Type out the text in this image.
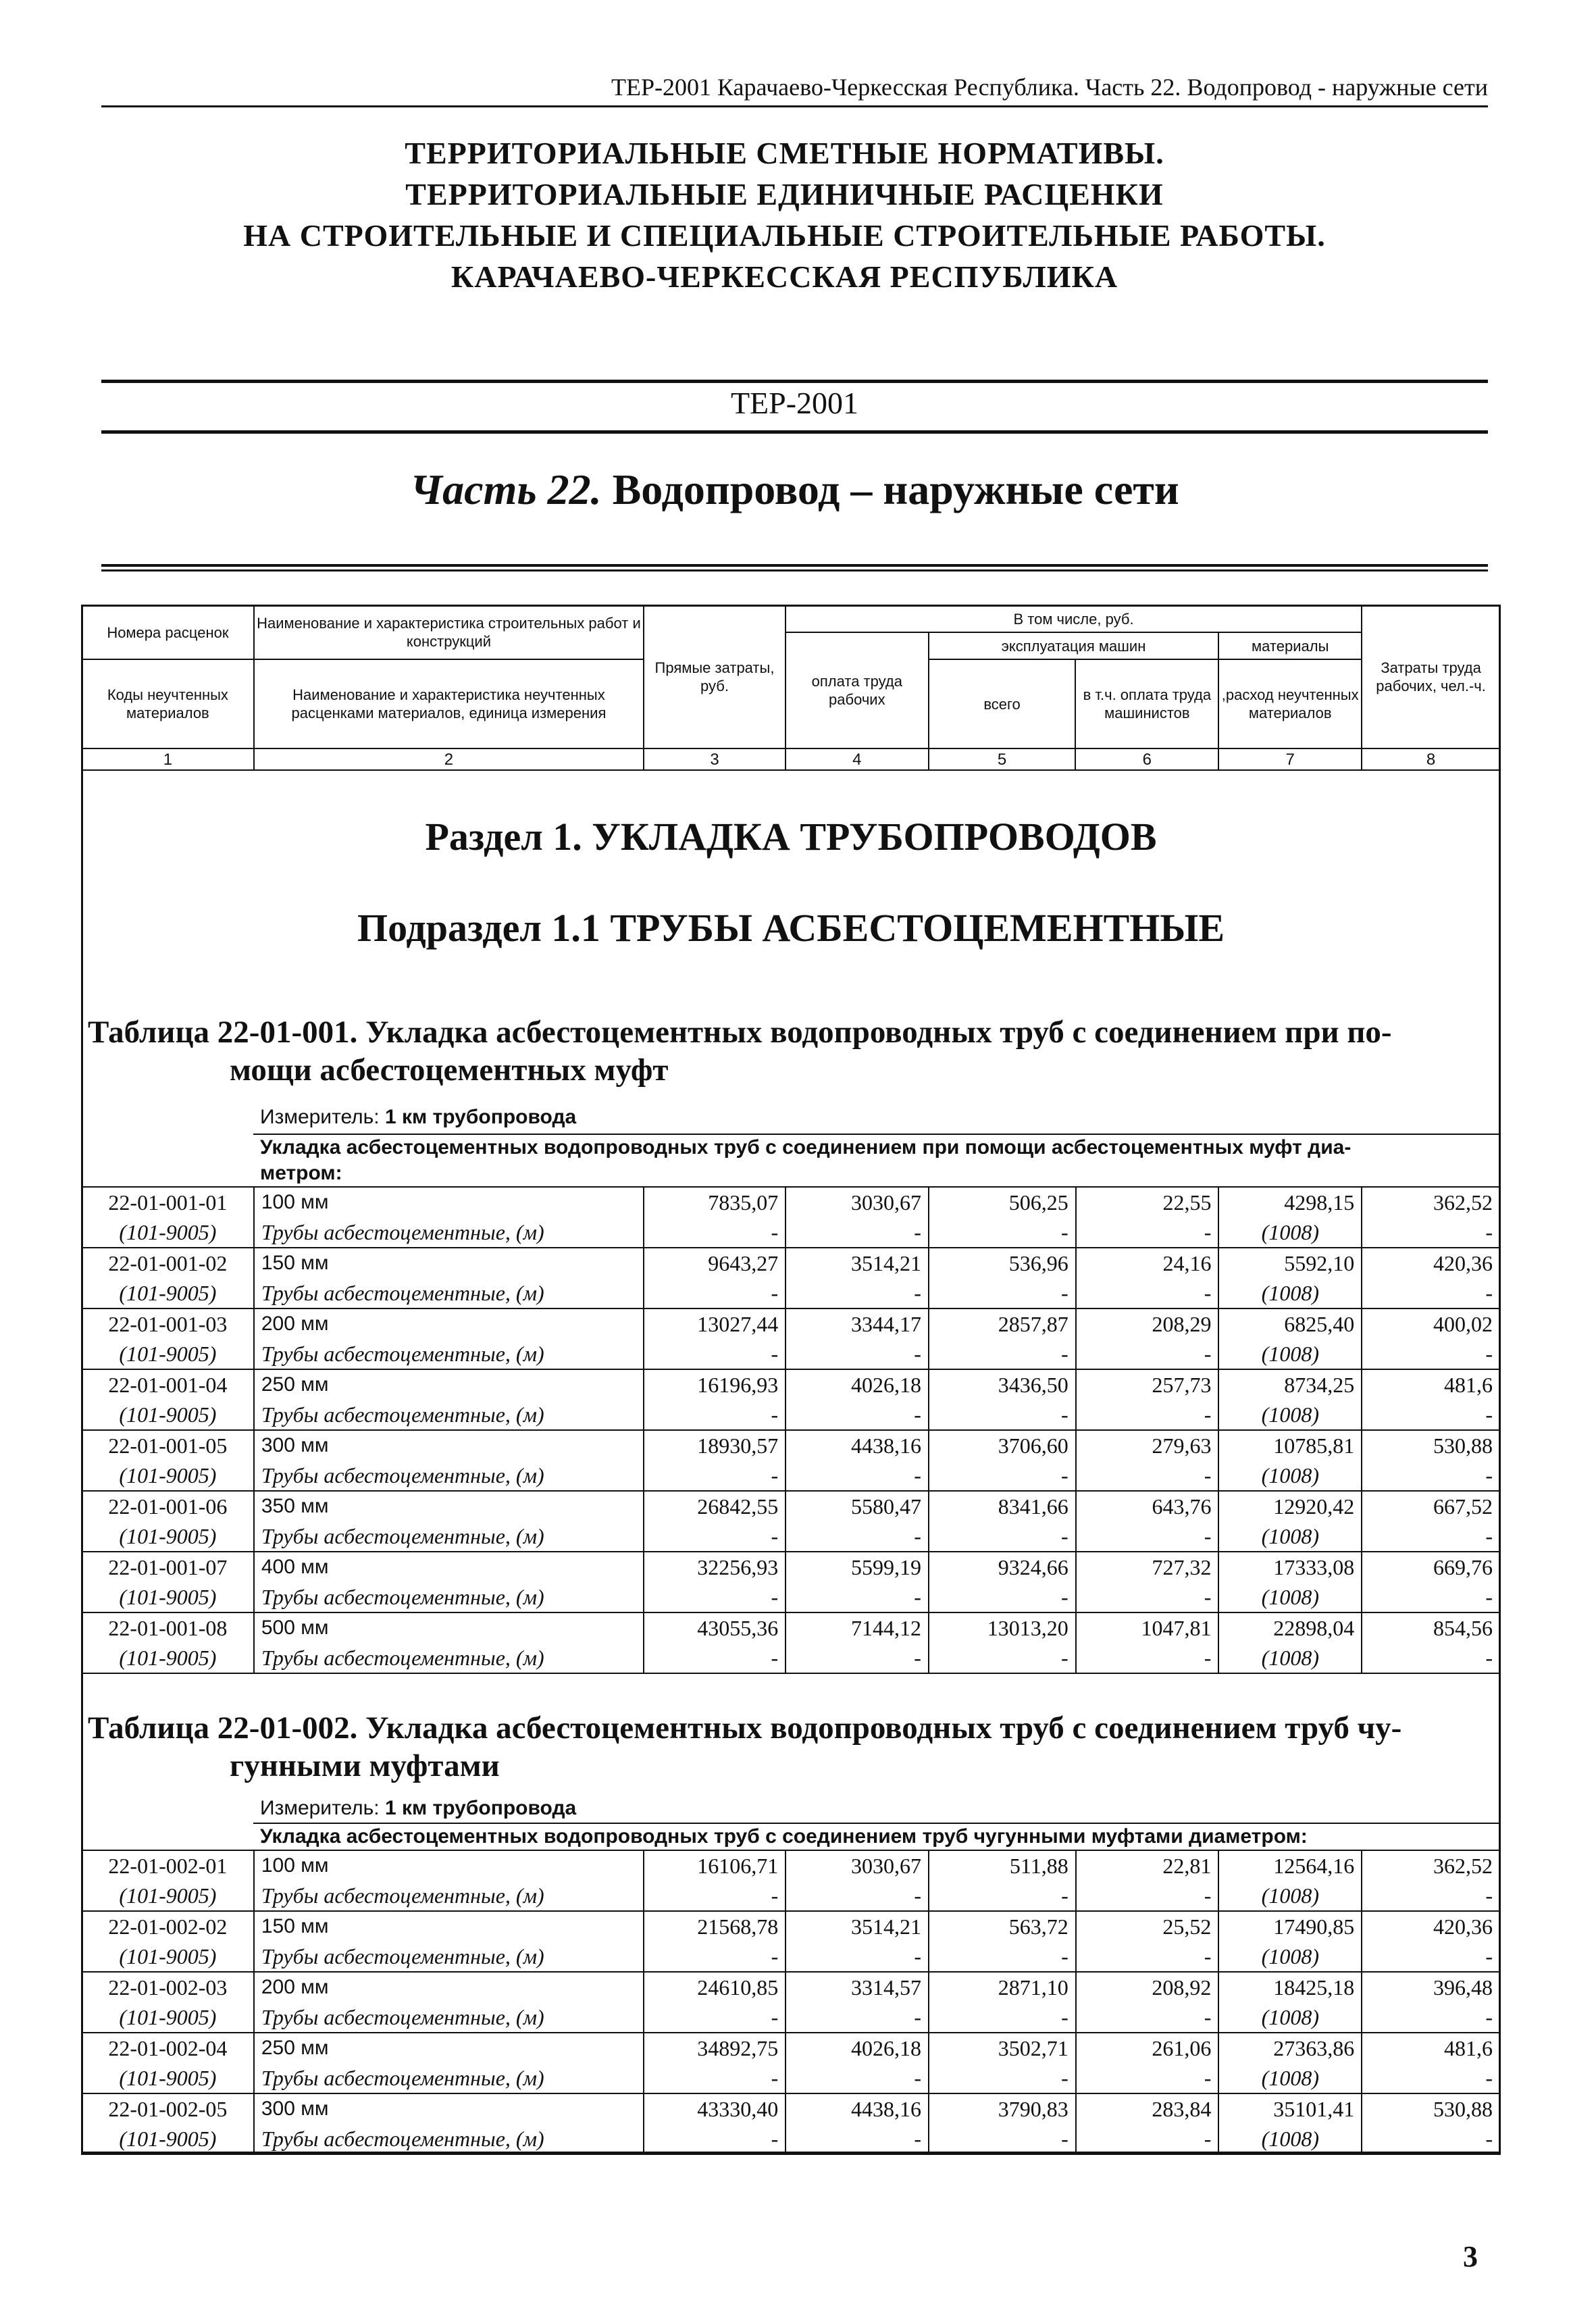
ТЕР-2001 Карачаево-Черкесская Республика. Часть 22. Водопровод - наружные сети
ТЕРРИТОРИАЛЬНЫЕ СМЕТНЫЕ НОРМАТИВЫ.
ТЕРРИТОРИАЛЬНЫЕ ЕДИНИЧНЫЕ РАСЦЕНКИ
НА СТРОИТЕЛЬНЫЕ И СПЕЦИАЛЬНЫЕ СТРОИТЕЛЬНЫЕ РАБОТЫ.
КАРАЧАЕВО-ЧЕРКЕССКАЯ РЕСПУБЛИКА
ТЕР-2001
Часть 22. Водопровод – наружные сети
Номера расценок	Наименование и характеристика строительных работ и конструкций	Прямые затраты, руб.	В том числе, руб.				Затраты труда рабочих, чел.-ч.
			оплата труда рабочих	эксплуатация машин		материалы	
Коды неучтенных материалов	Наименование и характеристика неучтенных расценками материалов, единица измерения			всего	в т.ч. оплата труда машинистов	,расход неучтенных материалов	

1	2	3	4	5	6	7	8
Раздел 1. УКЛАДКА ТРУБОПРОВОДОВ
Подраздел 1.1 ТРУБЫ АСБЕСТОЦЕМЕНТНЫЕ
Таблица 22-01-001. Укладка асбестоцементных водопроводных труб с соединением при по-
мощи асбестоцементных муфт
Измеритель: 1 км трубопровода
Укладка асбестоцементных водопроводных труб с соединением при помощи асбестоцементных муфт диа-
метром:
22-01-001-01	100 мм	7835,07	3030,67	506,25	22,55	4298,15	362,52
(101-9005)	Трубы асбестоцементные, (м)	-	-	-	-	(1008)	-
22-01-001-02	150 мм	9643,27	3514,21	536,96	24,16	5592,10	420,36
(101-9005)	Трубы асбестоцементные, (м)	-	-	-	-	(1008)	-
22-01-001-03	200 мм	13027,44	3344,17	2857,87	208,29	6825,40	400,02
(101-9005)	Трубы асбестоцементные, (м)	-	-	-	-	(1008)	-
22-01-001-04	250 мм	16196,93	4026,18	3436,50	257,73	8734,25	481,6
(101-9005)	Трубы асбестоцементные, (м)	-	-	-	-	(1008)	-
22-01-001-05	300 мм	18930,57	4438,16	3706,60	279,63	10785,81	530,88
(101-9005)	Трубы асбестоцементные, (м)	-	-	-	-	(1008)	-
22-01-001-06	350 мм	26842,55	5580,47	8341,66	643,76	12920,42	667,52
(101-9005)	Трубы асбестоцементные, (м)	-	-	-	-	(1008)	-
22-01-001-07	400 мм	32256,93	5599,19	9324,66	727,32	17333,08	669,76
(101-9005)	Трубы асбестоцементные, (м)	-	-	-	-	(1008)	-
22-01-001-08	500 мм	43055,36	7144,12	13013,20	1047,81	22898,04	854,56
(101-9005)	Трубы асбестоцементные, (м)	-	-	-	-	(1008)	-
Таблица 22-01-002. Укладка асбестоцементных водопроводных труб с соединением труб чу-
гунными муфтами
Измеритель: 1 км трубопровода
Укладка асбестоцементных водопроводных труб с соединением труб чугунными муфтами диаметром:
22-01-002-01	100 мм	16106,71	3030,67	511,88	22,81	12564,16	362,52
(101-9005)	Трубы асбестоцементные, (м)	-	-	-	-	(1008)	-
22-01-002-02	150 мм	21568,78	3514,21	563,72	25,52	17490,85	420,36
(101-9005)	Трубы асбестоцементные, (м)	-	-	-	-	(1008)	-
22-01-002-03	200 мм	24610,85	3314,57	2871,10	208,92	18425,18	396,48
(101-9005)	Трубы асбестоцементные, (м)	-	-	-	-	(1008)	-
22-01-002-04	250 мм	34892,75	4026,18	3502,71	261,06	27363,86	481,6
(101-9005)	Трубы асбестоцементные, (м)	-	-	-	-	(1008)	-
22-01-002-05	300 мм	43330,40	4438,16	3790,83	283,84	35101,41	530,88
(101-9005)	Трубы асбестоцементные, (м)	-	-	-	-	(1008)	-
3
